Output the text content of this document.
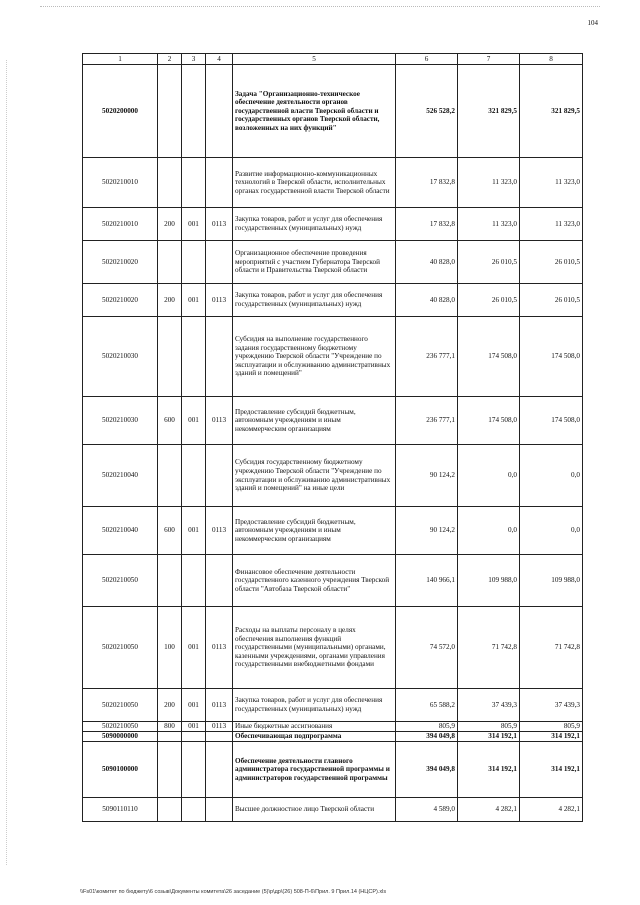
104
1	2	3	4	5	6	7	8
5020200000				Задача "Организационно-техническое обеспечение деятельности органов государственной власти Тверской области и государственных органов Тверской области, возложенных на них функций"	526 528,2	321 829,5	321 829,5
5020210010				Развитие информационно-коммуникационных технологий в Тверской области, исполнительных органах государственной власти Тверской области	17 832,8	11 323,0	11 323,0
5020210010	200	001	0113	Закупка товаров, работ и услуг для обеспечения государственных (муниципальных) нужд	17 832,8	11 323,0	11 323,0
5020210020				Организационное обеспечение проведения мероприятий с участием Губернатора Тверской области и Правительства Тверской области	40 828,0	26 010,5	26 010,5
5020210020	200	001	0113	Закупка товаров, работ и услуг для обеспечения государственных (муниципальных) нужд	40 828,0	26 010,5	26 010,5
5020210030				Субсидия на выполнение государственного задания государственному бюджетному учреждению Тверской области "Учреждение по эксплуатации и обслуживанию административных зданий и помещений"	236 777,1	174 508,0	174 508,0
5020210030	600	001	0113	Предоставление субсидий бюджетным, автономным учреждениям и иным некоммерческим организациям	236 777,1	174 508,0	174 508,0
5020210040				Субсидия государственному бюджетному учреждению Тверской области "Учреждение по эксплуатации и обслуживанию административных зданий и помещений" на иные цели	90 124,2	0,0	0,0
5020210040	600	001	0113	Предоставление субсидий бюджетным, автономным учреждениям и иным некоммерческим организациям	90 124,2	0,0	0,0
5020210050				Финансовое обеспечение деятельности государственного казенного учреждения Тверской области "Автобаза Тверской области"	140 966,1	109 988,0	109 988,0
5020210050	100	001	0113	Расходы на выплаты персоналу в целях обеспечения выполнения функций государственными (муниципальными) органами, казенными учреждениями, органами управления государственными внебюджетными фондами	74 572,0	71 742,8	71 742,8
5020210050	200	001	0113	Закупка товаров, работ и услуг для обеспечения государственных (муниципальных) нужд	65 588,2	37 439,3	37 439,3
5020210050	800	001	0113	Иные бюджетные ассигнования	805,9	805,9	805,9
5090000000				Обеспечивающая подпрограмма	394 049,8	314 192,1	314 192,1
5090100000				Обеспечение деятельности главного администратора государственной программы и администраторов государственной программы	394 049,8	314 192,1	314 192,1
5090110110				Высшее должностное лицо Тверской области	4 589,0	4 282,1	4 282,1
\\Fs01\комитет по бюджету\6 созыв\Документы комитета\26 заседание (5)\р\др\(26) 508-П-6\Прил. 9 Прил.14 (НЦСР).xls
